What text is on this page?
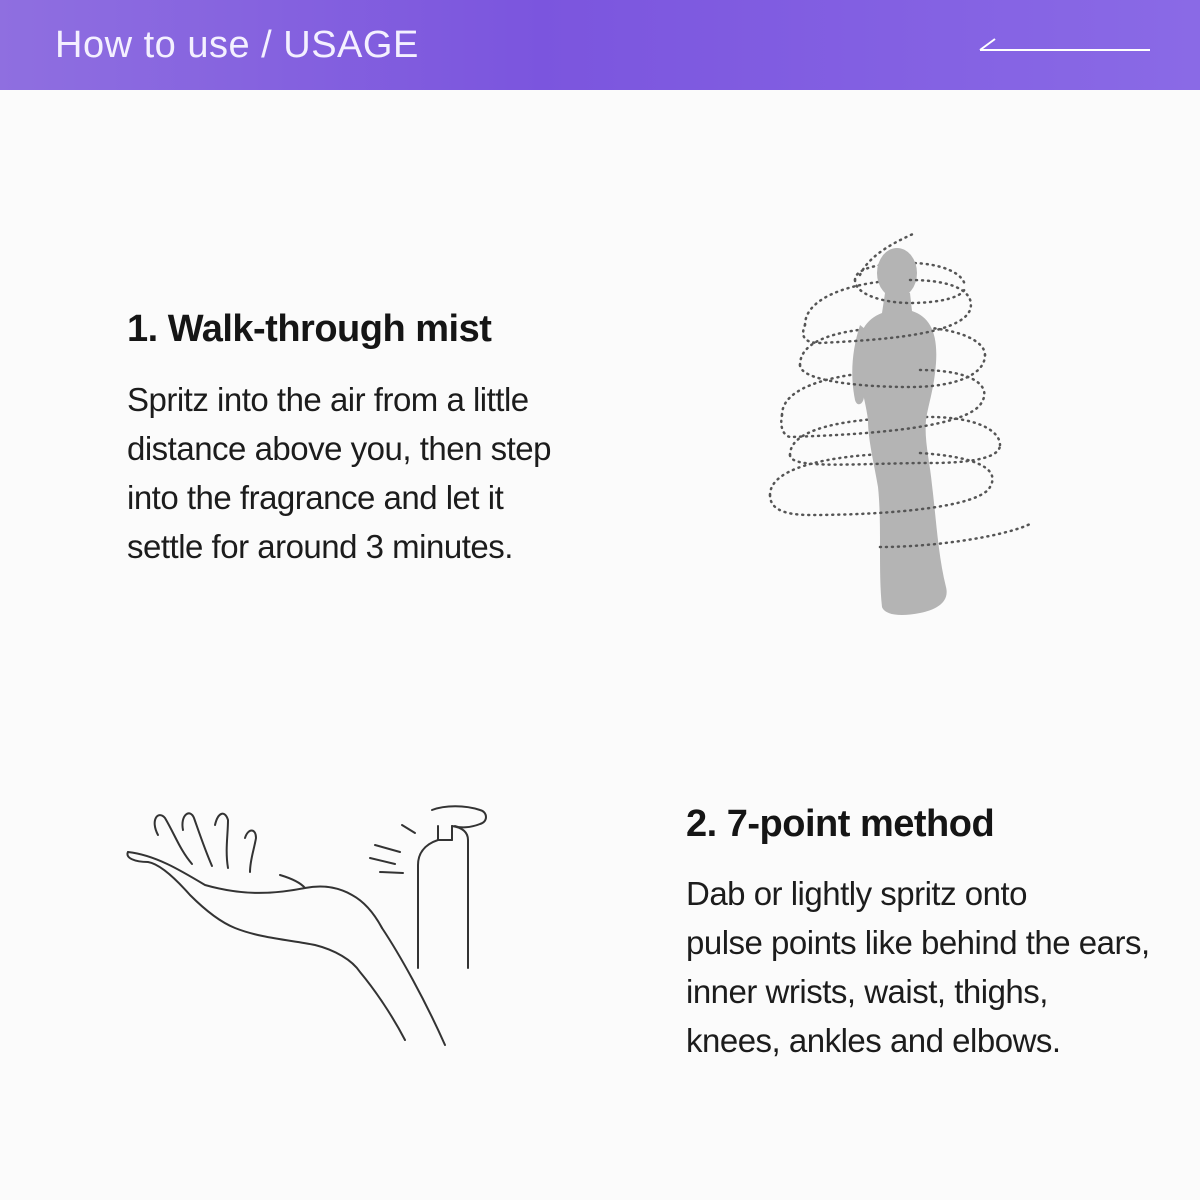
How to use / USAGE
1. Walk-through mist
Spritz into the air from a little
distance above you, then step
into the fragrance and let it
settle for around 3 minutes.
2. 7-point method
Dab or lightly spritz onto
pulse points like behind the ears,
inner wrists, waist, thighs,
knees, ankles and elbows.
